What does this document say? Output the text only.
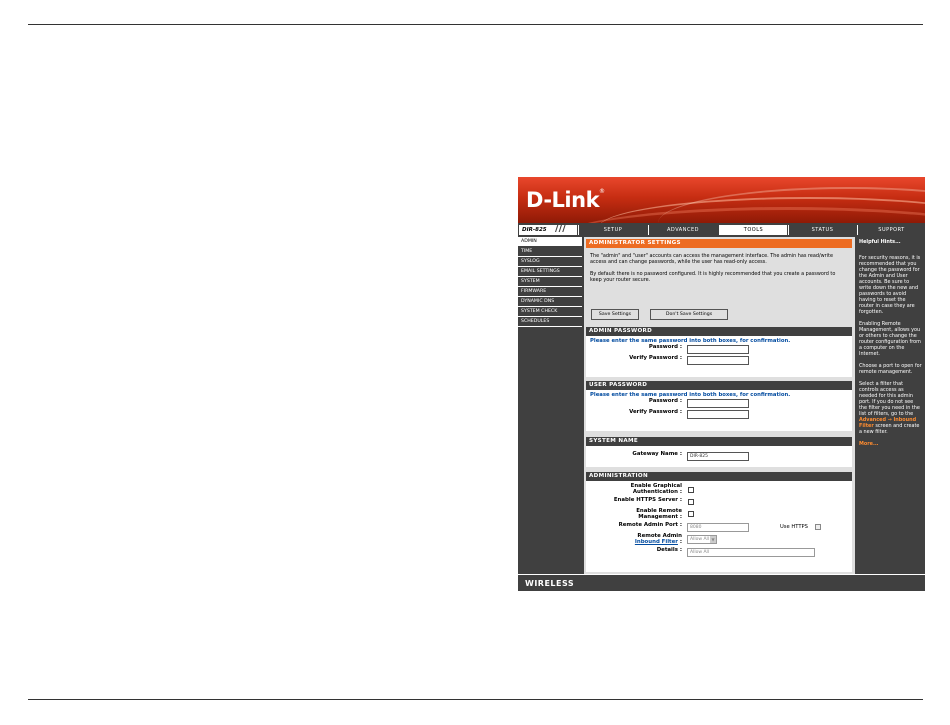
D-Link®
DIR-825 ///	SETUP	ADVANCED	TOOLS	STATUS	SUPPORT
ADMIN
TIME
SYSLOG
EMAIL SETTINGS
SYSTEM
FIRMWARE
DYNAMIC DNS
SYSTEM CHECK
SCHEDULES
ADMINISTRATOR SETTINGS
The "admin" and "user" accounts can access the management interface. The admin has read/write access and can change passwords, while the user has read-only access.
By default there is no password configured. It is highly recommended that you create a password to keep your router secure.
Save Settings	Don't Save Settings
ADMIN PASSWORD
Please enter the same password into both boxes, for confirmation.
Password :
Verify Password :
USER PASSWORD
Please enter the same password into both boxes, for confirmation.
Password :
Verify Password :
SYSTEM NAME
Gateway Name :	DIR-825
ADMINISTRATION
Enable Graphical Authentication :
Enable HTTPS Server :
Enable Remote Management :
Remote Admin Port :	8080	Use HTTPS
Remote Admin Inbound Filter :	Allow All ▼
Details :	Allow All
Helpful Hints...

For security reasons, it is recommended that you change the password for the Admin and User accounts. Be sure to write down the new and passwords to avoid having to reset the router in case they are forgotten.

Enabling Remote Management, allows you or others to change the router configuration from a computer on the Internet.

Choose a port to open for remote management.

Select a filter that controls access as needed for this admin port. If you do not see the filter you need in the list of filters, go to the Advanced → Inbound Filter screen and create a new filter.

More...
WIRELESS
